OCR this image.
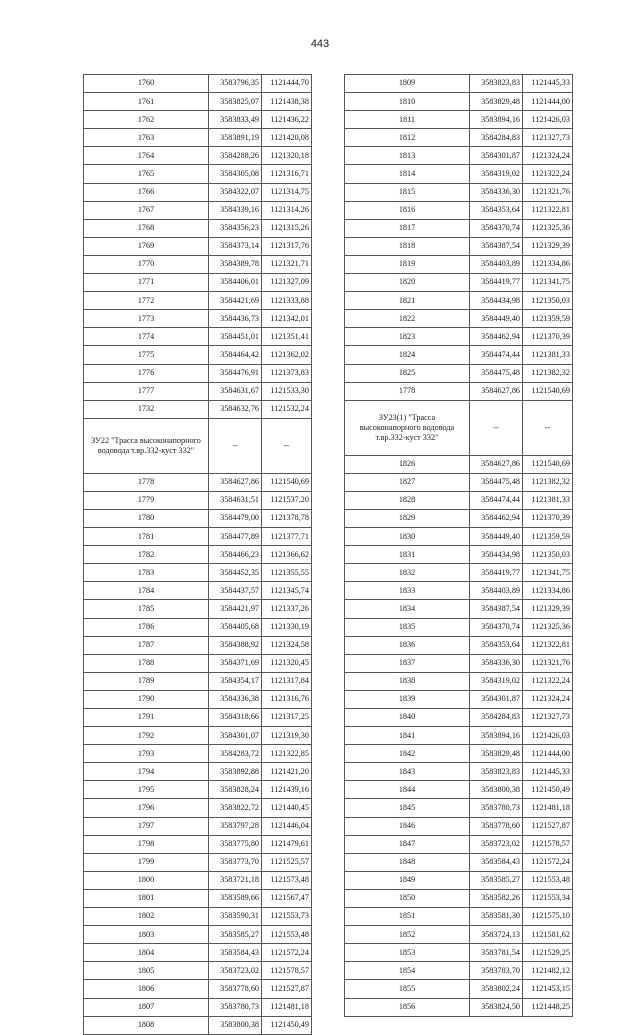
443
1760	3583796,35	1121444,70
1761	3583825,07	1121438,38
1762	3583833,49	1121436,22
1763	3583891,19	1121420,08
1764	3584288,26	1121320,18
1765	3584305,08	1121316,71
1766	3584322,07	1121314,75
1767	3584339,16	1121314,26
1768	3584356,23	1121315,26
1769	3584373,14	1121317,76
1770	3584389,78	1121321,71
1771	3584406,01	1121327,09
1772	3584421,69	1121333,88
1773	3584436,73	1121342,01
1774	3584451,01	1121351,41
1775	3584464,42	1121362,02
1776	3584476,91	1121373,83
1777	3584631,67	1121533,30
1732	3584632,76	1121532,24
ЗУ22 "Трасса высоконапорного водовода т.вр.332-куст 332"	--	--
1778	3584627,86	1121540,69
1779	3584631,51	1121537,20
1780	3584479,00	1121378,78
1781	3584477,89	1121377,71
1782	3584466,23	1121366,62
1783	3584452,35	1121355,55
1784	3584437,57	1121345,74
1785	3584421,97	1121337,26
1786	3584405,68	1121330,19
1787	3584388,92	1121324,58
1788	3584371,69	1121320,45
1789	3584354,17	1121317,84
1790	3584336,38	1121316,76
1791	3584318,66	1121317,25
1792	3584301,07	1121319,30
1793	3584283,72	1121322,85
1794	3583892,88	1121421,20
1795	3583828,24	1121439,16
1796	3583822,72	1121440,45
1797	3583797,28	1121446,04
1798	3583775,80	1121479,61
1799	3583773,70	1121525,57
1800	3583721,18	1121573,48
1801	3583589,66	1121567,47
1802	3583590,31	1121553,73
1803	3583585,27	1121553,48
1804	3583584,43	1121572,24
1805	3583723,02	1121578,57
1806	3583778,60	1121527,87
1807	3583780,73	1121481,18
1808	3583800,38	1121450,49
1809	3583823,83	1121445,33
1810	3583829,48	1121444,00
1811	3583894,16	1121426,03
1812	3584284,83	1121327,73
1813	3584301,87	1121324,24
1814	3584319,02	1121322,24
1815	3584336,30	1121321,76
1816	3584353,64	1121322,81
1817	3584370,74	1121325,36
1818	3584387,54	1121329,39
1819	3584403,89	1121334,86
1820	3584419,77	1121341,75
1821	3584434,98	1121350,03
1822	3584449,40	1121359,59
1823	3584462,94	1121370,39
1824	3584474,44	1121381,33
1825	3584475,48	1121382,32
1778	3584627,86	1121540,69
ЗУ23(1) "Трасса высоконапорного водовода т.вр.332-куст 332"	--	--
1826	3584627,86	1121540,69
1827	3584475,48	1121382,32
1828	3584474,44	1121381,33
1829	3584462,94	1121370,39
1830	3584449,40	1121359,59
1831	3584434,98	1121350,03
1832	3584419,77	1121341,75
1833	3584403,89	1121334,86
1834	3584387,54	1121329,39
1835	3584370,74	1121325,36
1836	3584353,64	1121322,81
1837	3584336,30	1121321,76
1838	3584319,02	1121322,24
1839	3584301,87	1121324,24
1840	3584284,83	1121327,73
1841	3583894,16	1121426,03
1842	3583829,48	1121444,00
1843	3583823,83	1121445,33
1844	3583800,38	1121450,49
1845	3583780,73	1121481,18
1846	3583778,60	1121527,87
1847	3583723,02	1121578,57
1848	3583584,43	1121572,24
1849	3583585,27	1121553,48
1850	3583582,26	1121553,34
1851	3583581,30	1121575,10
1852	3583724,13	1121581,62
1853	3583781,54	1121529,25
1854	3583783,70	1121482,12
1855	3583802,24	1121453,15
1856	3583824,50	1121448,25
